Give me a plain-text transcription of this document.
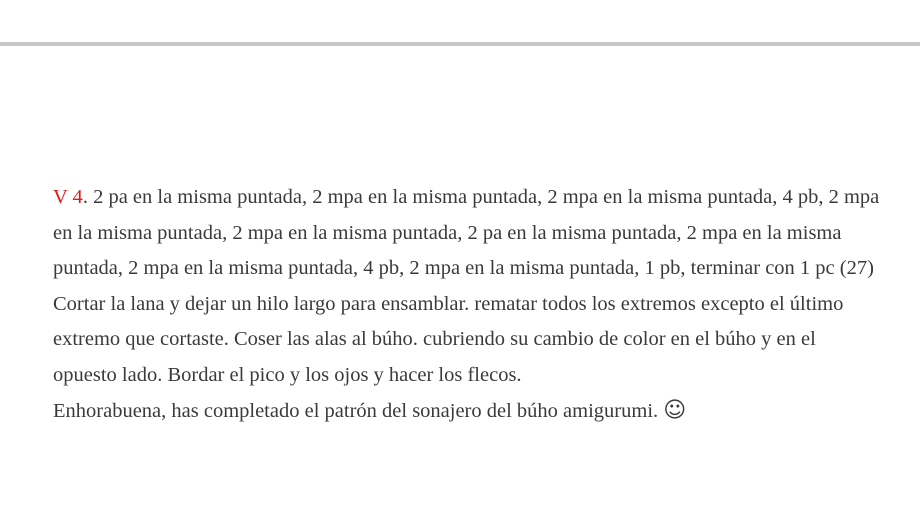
V 4. 2 pa en la misma puntada, 2 mpa en la misma puntada, 2 mpa en la misma puntada, 4 pb, 2 mpa en la misma puntada, 2 mpa en la misma puntada, 2 pa en la misma puntada, 2 mpa en la misma puntada, 2 mpa en la misma puntada, 4 pb, 2 mpa en la misma puntada, 1 pb, terminar con 1 pc (27)

Cortar la lana y dejar un hilo largo para ensamblar. rematar todos los extremos excepto el último extremo que cortaste. Coser las alas al búho. cubriendo su cambio de color en el búho y en el opuesto lado. Bordar el pico y los ojos y hacer los flecos.

Enhorabuena, has completado el patrón del sonajero del búho amigurumi. ☺
